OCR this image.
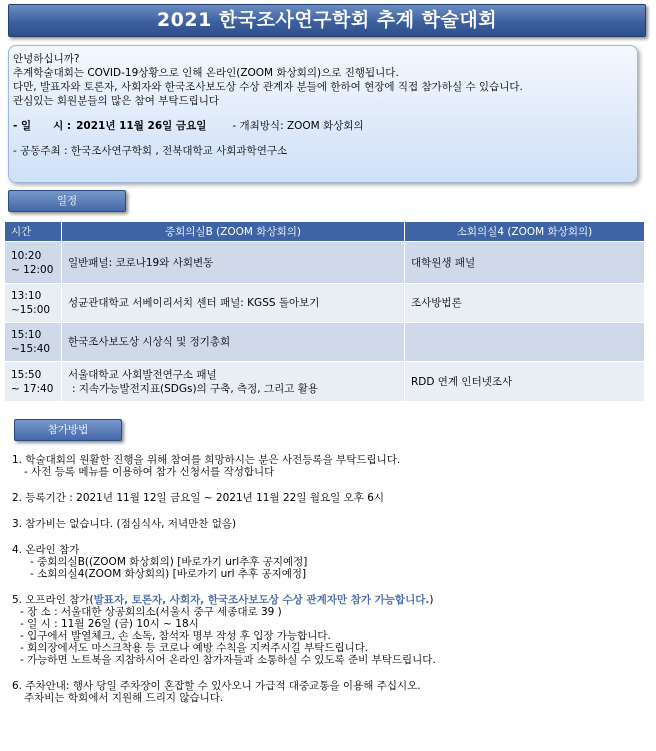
2021 한국조사연구학회 추계 학술대회
안녕하십니까?
추계학술대회는 COVID-19상황으로 인해 온라인(ZOOM 화상회의)으로 진행됩니다.
다만, 발표자와 토론자, 사회자와 한국조사보도상 수상 관계자 분들에 한하여 현장에 직접 참가하실 수 있습니다.
관심있는 회원분들의 많은 참여 부탁드립니다
- 일      시 : 2021년 11월 26일 금요일 - 개최방식: ZOOM 화상회의
- 공동주최 : 한국조사연구학회 , 전북대학교 사회과학연구소
일정
시간	중회의실B (ZOOM 화상회의)	소회의실4 (ZOOM 화상회의)

10:20
~ 12:00	일반패널: 코로나19와 사회변동	대학원생 패널

13:10
~15:00	성균관대학교 서베이리서치 센터 패널: KGSS 돌아보기	조사방법론

15:10
~15:40	한국조사보도상 시상식 및 정기총회	

15:50
~ 17:40	서울대학교 사회발전연구소 패널
: 지속가능발전지표(SDGs)의 구축, 측정, 그리고 활용	RDD 연계 인터넷조사
참가방법
1. 학술대회의 원활한 진행을 위해 참여를 희망하시는 분은 사전등록을 부탁드립니다.
- 사전 등록 메뉴를 이용하여 참가 신청서를 작성합니다
2. 등록기간 : 2021년 11월 12일 금요일 ~ 2021년 11월 22일 월요일 오후 6시
3. 참가비는 없습니다. (점심식사, 저녁만찬 없음)
4. 온라인 참가
- 중회의실B((ZOOM 화상회의) [바로가기 url추후 공지예정]
- 소회의실4(ZOOM 화상회의) [바로가기 url 추후 공지예정]
5. 오프라인 참가(발표자, 토론자, 사회자, 한국조사보도상 수상 관계자만 참가 가능합니다.)
- 장 소 : 서울대한 상공회의소(서울시 중구 세종대로 39 )
- 일 시 : 11월 26일 (금) 10시 ~ 18시
- 입구에서 발열체크, 손 소독, 참석자 명부 작성 후 입장 가능합니다.
- 회의장에서도 마스크착용 등 코로나 예방 수칙을 지켜주시길 부탁드립니다.
- 가능하면 노트북을 지참하시어 온라인 참가자들과 소통하실 수 있도록 준비 부탁드립니다.
6. 주차안내: 행사 당일 주차장이 혼잡할 수 있사오니 가급적 대중교통을 이용해 주십시오.
주차비는 학회에서 지원해 드리지 않습니다.
